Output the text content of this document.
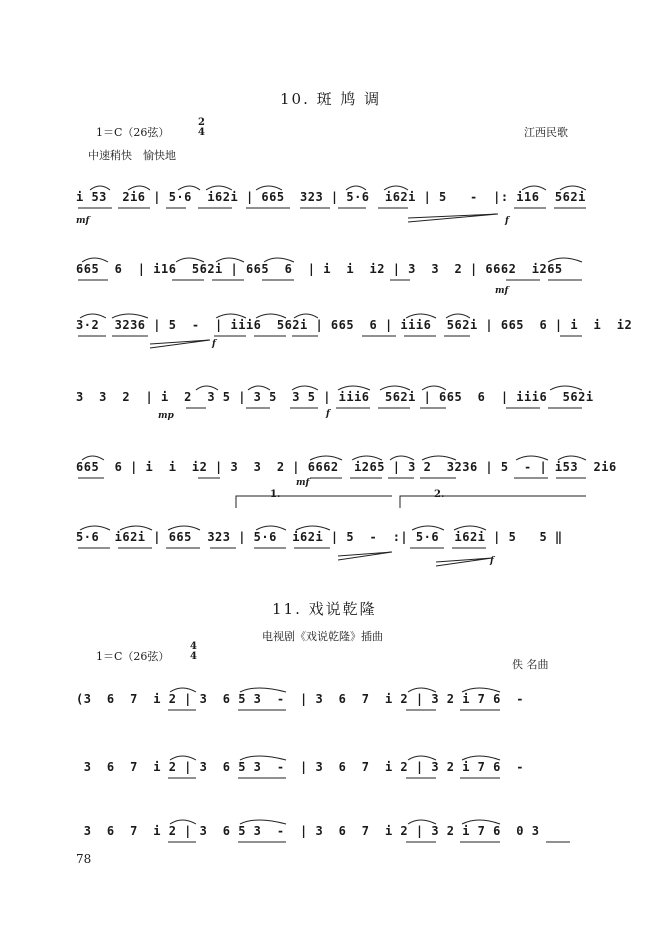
10. 斑 鸠 调
1＝C（26弦）
2
4	江西民歌
中速稍快　愉快地
i 53  2i6 | 5·6  i62i | 665  323 | 5·6  i62i | 5   -  |: i16  562i
mf	f
665  6  | i16  562i | 665  6  | i  i  i2 | 3  3  2 | 6662  i265
mf
3·2  3236 | 5  -  | iii6  562i | 665  6 | iii6  562i | 665  6 | i  i  i2
f
3  3  2  | i  2  3 5 | 3 5  3 5 | iii6  562i | 665  6  | iii6  562i
mp	f
665  6 | i  i  i2 | 3  3  2 | 6662  i265 | 3 2  3236 | 5  - | i53  2i6
mf
5·6  i62i | 665  323 | 5·6  i62i | 5  -  :| 5·6  i62i | 5   5 ‖
f
1.	2.
11. 戏说乾隆
电视剧《戏说乾隆》插曲
1＝C（26弦）
4
4
佚 名曲
(3  6  7  i 2 | 3  6 5 3  -  | 3  6  7  i 2 | 3 2 i 7 6  -
3  6  7  i 2 | 3  6 5 3  -  | 3  6  7  i 2 | 3 2 i 7 6  -
3  6  7  i 2 | 3  6 5 3  -  | 3  6  7  i 2 | 3 2 i 7 6  0 3
78
